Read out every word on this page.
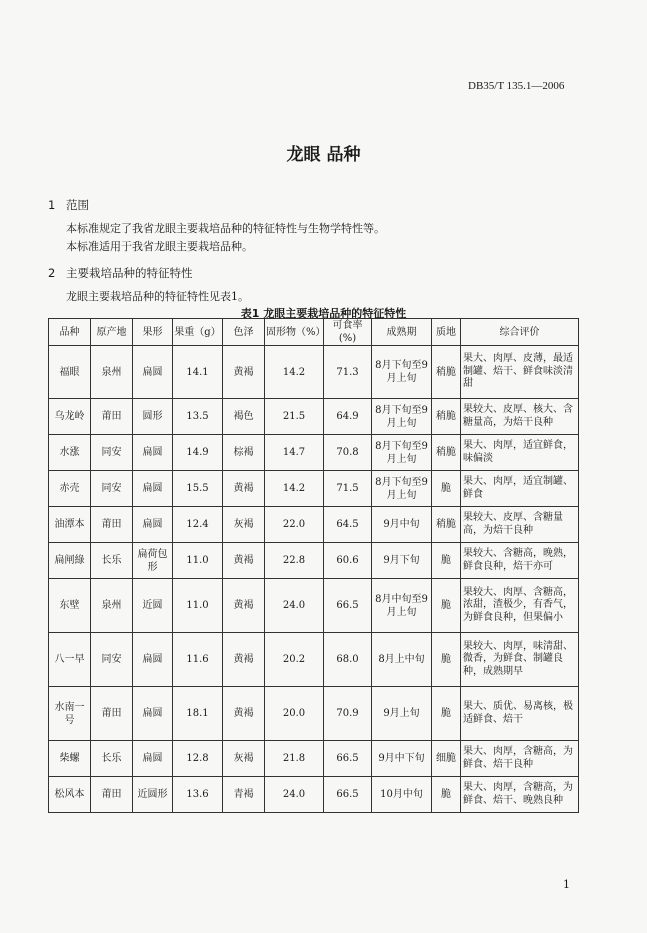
DB35/T 135.1—2006
龙眼 品种
1 范围
本标准规定了我省龙眼主要栽培品种的特征特性与生物学特性等。
本标准适用于我省龙眼主要栽培品种。
2 主要栽培品种的特征特性
龙眼主要栽培品种的特征特性见表1。
表1 龙眼主要栽培品种的特征特性
品种	原产地	果形	果重（g）	色泽	固形物（%）	可食率(%)	成熟期	质地	综合评价
福眼	泉州	扁圆	14.1	黄褐	14.2	71.3	8月下旬至9月上旬	稍脆	果大、肉厚、皮薄，最适制罐、焙干、鲜食味淡清甜
乌龙岭	莆田	圆形	13.5	褐色	21.5	64.9	8月下旬至9月上旬	稍脆	果较大、皮厚、核大、含糖量高，为焙干良种
水涨	同安	扁圆	14.9	棕褐	14.7	70.8	8月下旬至9月上旬	稍脆	果大、肉厚，适宜鲜食，味偏淡
赤壳	同安	扁圆	15.5	黄褐	14.2	71.5	8月下旬至9月上旬	脆	果大、肉厚，适宜制罐、鲜食
油潭本	莆田	扁圆	12.4	灰褐	22.0	64.5	9月中旬	稍脆	果较大、皮厚、含糖量高，为焙干良种
扁闸綠	长乐	扁荷包形	11.0	黄褐	22.8	60.6	9月下旬	脆	果较大、含糖高，晚熟，鲜食良种，焙干亦可
东壁	泉州	近圆	11.0	黄褐	24.0	66.5	8月中旬至9月上旬	脆	果较大、肉厚、含糖高，浓甜，渣极少，有香气，为鲜食良种，但果偏小
八一早	同安	扁圆	11.6	黄褐	20.2	68.0	8月上中旬	脆	果较大、肉厚，味清甜、微香，为鲜食、制罐良种，成熟期早
水南一号	莆田	扁圆	18.1	黄褐	20.0	70.9	9月上旬	脆	果大、质优、易离核，极适鲜食、焙干
柴螺	长乐	扁圆	12.8	灰褐	21.8	66.5	9月中下旬	细脆	果大、肉厚，含糖高，为鲜食、焙干良种
松风本	莆田	近圆形	13.6	青褐	24.0	66.5	10月中旬	脆	果大、肉厚，含糖高，为鲜食、焙干、晚熟良种
1
